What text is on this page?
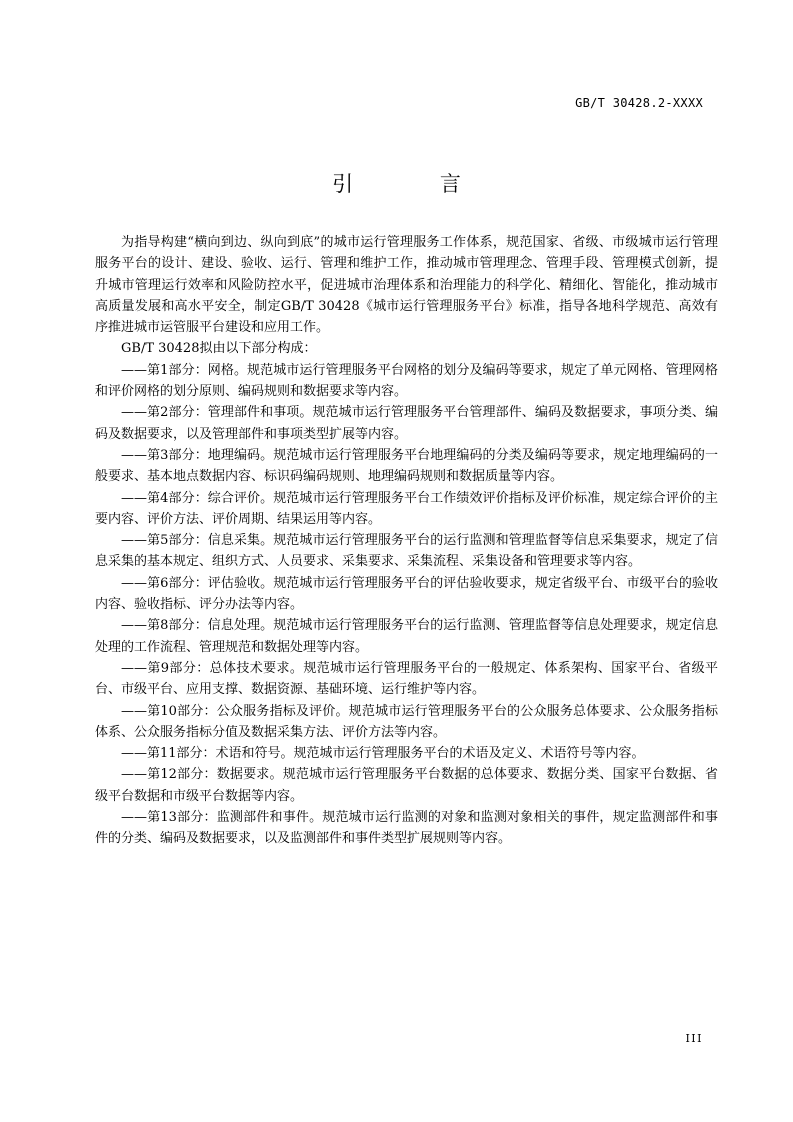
GB/T 30428.2-XXXX
引 言

为指导构建“横向到边、纵向到底”的城市运行管理服务工作体系，规范国家、省级、市级城市运行管理服务平台的设计、建设、验收、运行、管理和维护工作，推动城市管理理念、管理手段、管理模式创新，提升城市管理运行效率和风险防控水平，促进城市治理体系和治理能力的科学化、精细化、智能化，推动城市高质量发展和高水平安全，制定GB/T 30428《城市运行管理服务平台》标准，指导各地科学规范、高效有序推进城市运管服平台建设和应用工作。

GB/T 30428拟由以下部分构成：

——第1部分：网格。规范城市运行管理服务平台网格的划分及编码等要求，规定了单元网格、管理网格和评价网格的划分原则、编码规则和数据要求等内容。

——第2部分：管理部件和事项。规范城市运行管理服务平台管理部件、编码及数据要求，事项分类、编码及数据要求，以及管理部件和事项类型扩展等内容。

——第3部分：地理编码。规范城市运行管理服务平台地理编码的分类及编码等要求，规定地理编码的一般要求、基本地点数据内容、标识码编码规则、地理编码规则和数据质量等内容。

——第4部分：综合评价。规范城市运行管理服务平台工作绩效评价指标及评价标准，规定综合评价的主要内容、评价方法、评价周期、结果运用等内容。

——第5部分：信息采集。规范城市运行管理服务平台的运行监测和管理监督等信息采集要求，规定了信息采集的基本规定、组织方式、人员要求、采集要求、采集流程、采集设备和管理要求等内容。

——第6部分：评估验收。规范城市运行管理服务平台的评估验收要求，规定省级平台、市级平台的验收内容、验收指标、评分办法等内容。

——第8部分：信息处理。规范城市运行管理服务平台的运行监测、管理监督等信息处理要求，规定信息处理的工作流程、管理规范和数据处理等内容。

——第9部分：总体技术要求。规范城市运行管理服务平台的一般规定、体系架构、国家平台、省级平台、市级平台、应用支撑、数据资源、基础环境、运行维护等内容。

——第10部分：公众服务指标及评价。规范城市运行管理服务平台的公众服务总体要求、公众服务指标体系、公众服务指标分值及数据采集方法、评价方法等内容。

——第11部分：术语和符号。规范城市运行管理服务平台的术语及定义、术语符号等内容。

——第12部分：数据要求。规范城市运行管理服务平台数据的总体要求、数据分类、国家平台数据、省级平台数据和市级平台数据等内容。

——第13部分：监测部件和事件。规范城市运行监测的对象和监测对象相关的事件，规定监测部件和事件的分类、编码及数据要求，以及监测部件和事件类型扩展规则等内容。

III
